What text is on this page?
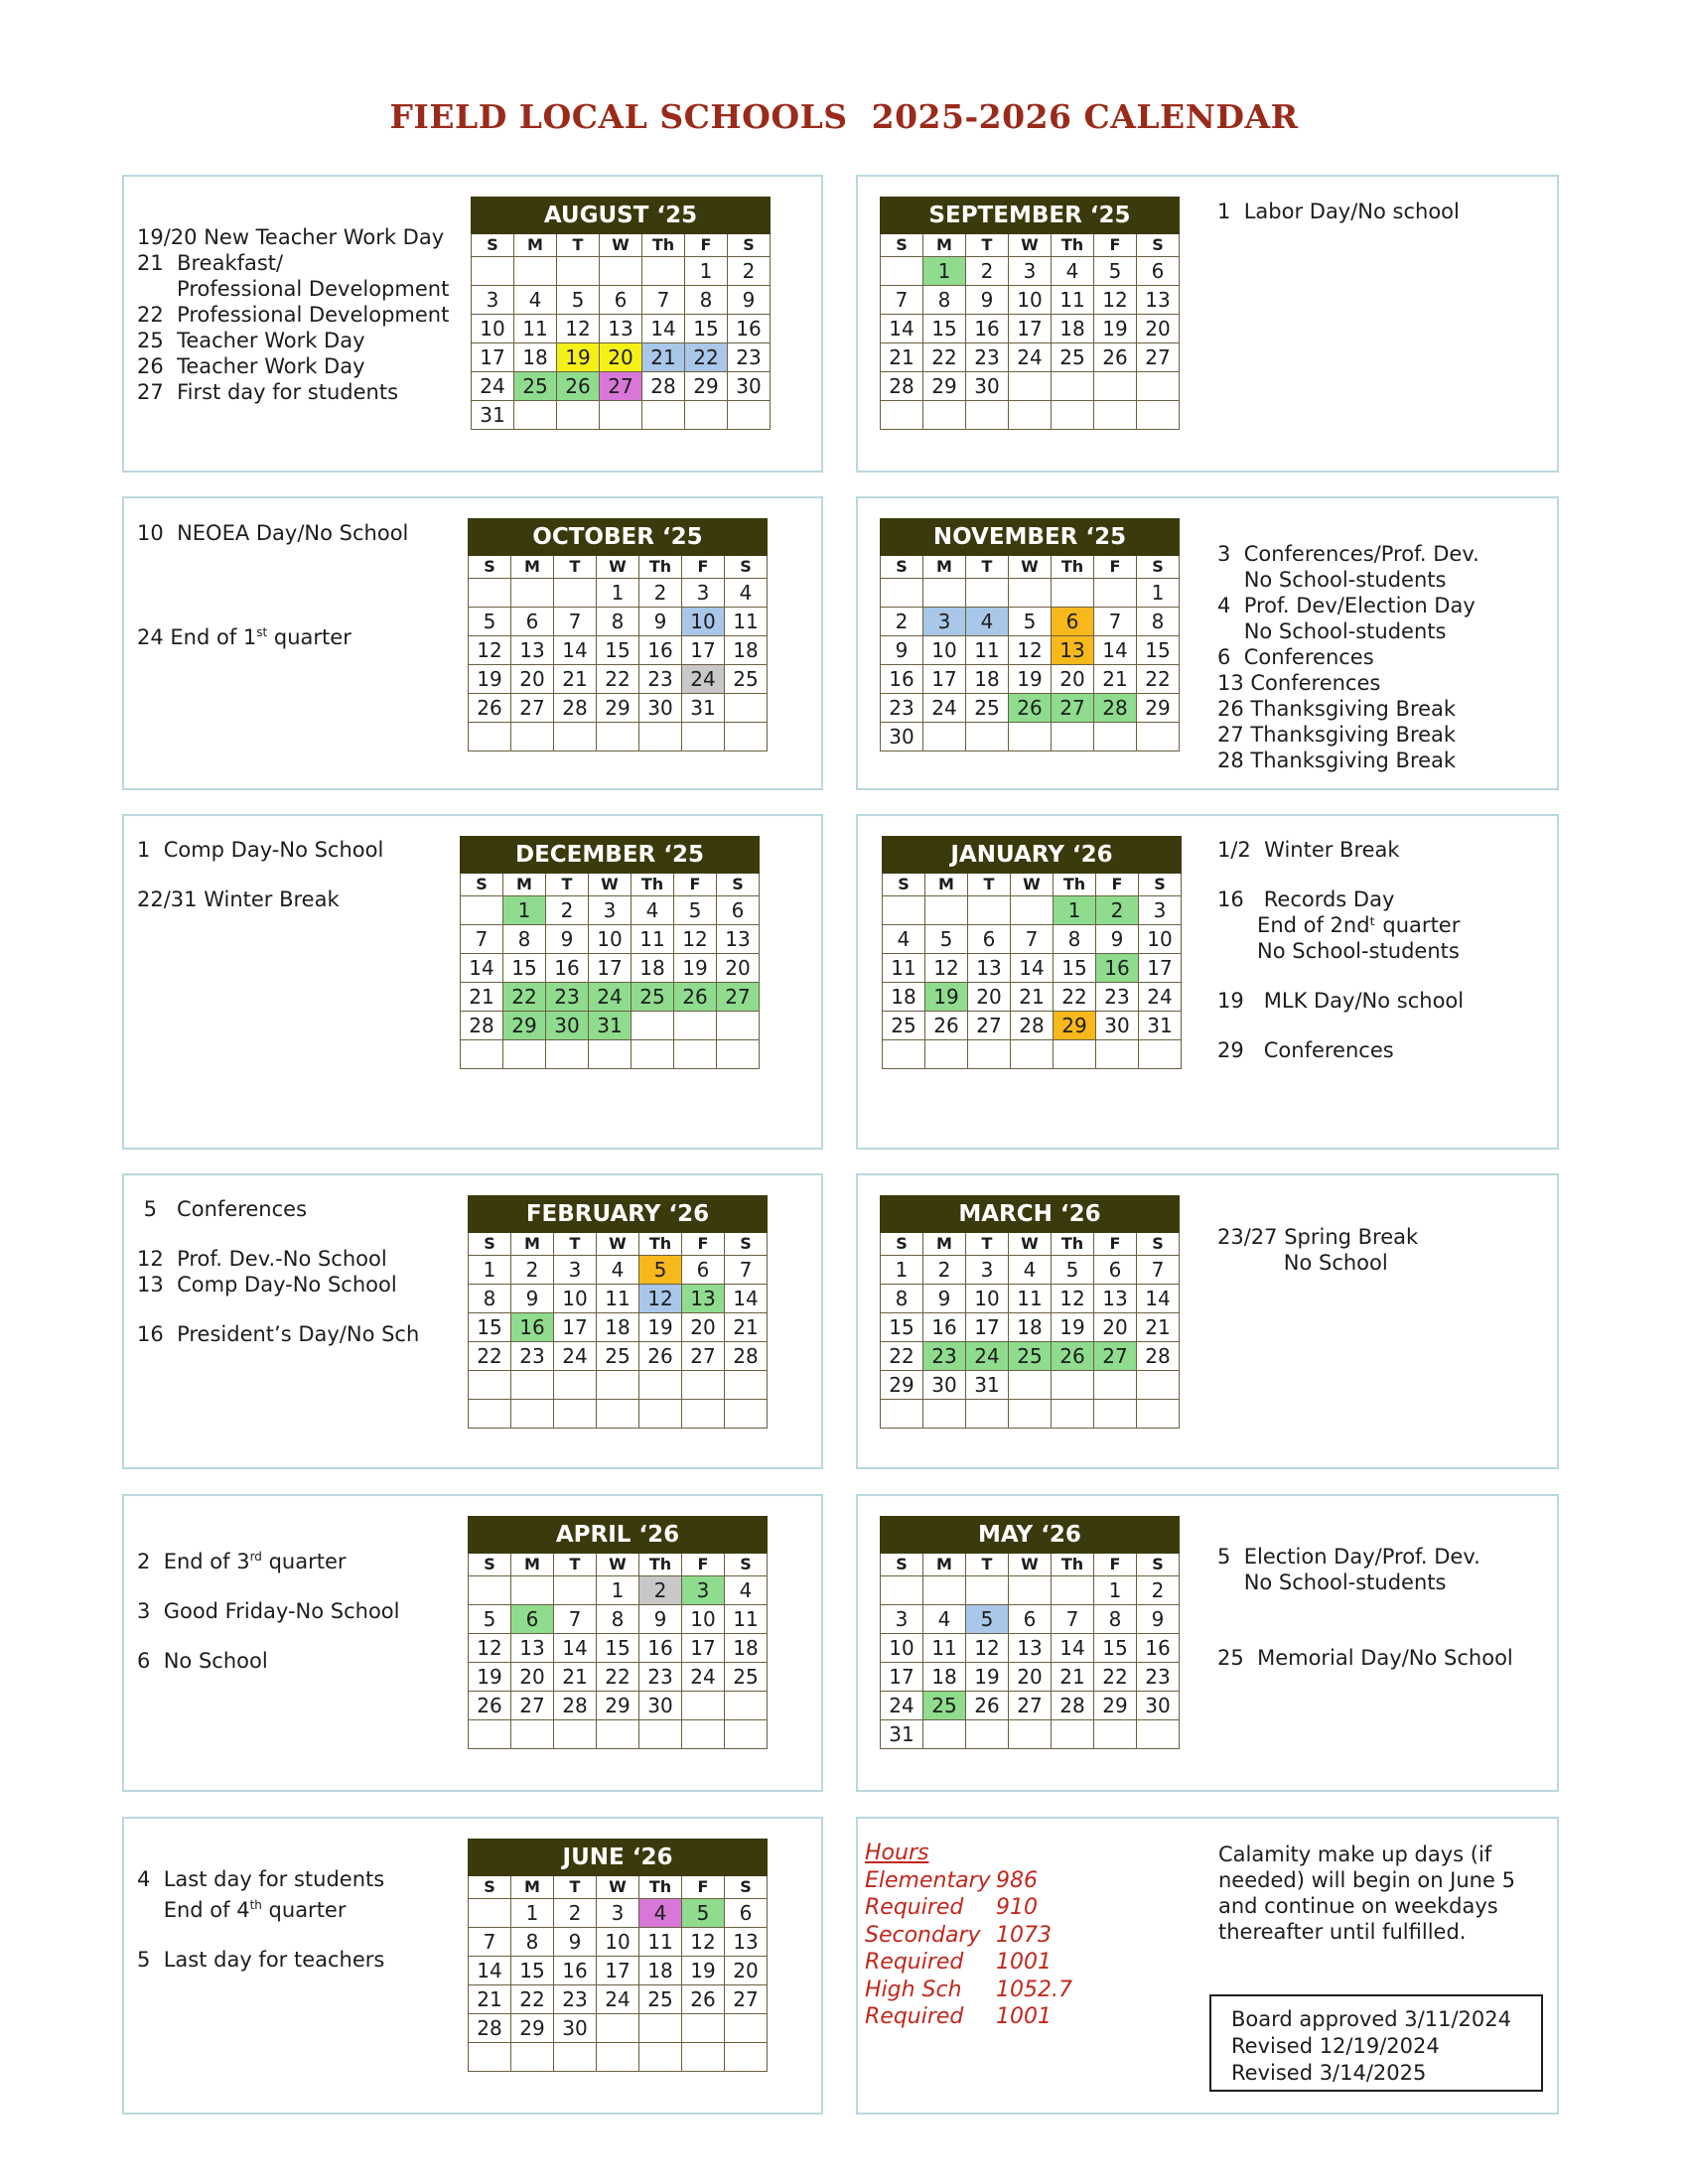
FIELD LOCAL SCHOOLS  2025-2026 CALENDAR
19/20 New Teacher Work Day
21  Breakfast/
Professional Development
22  Professional Development
25  Teacher Work Day
26  Teacher Work Day
27  First day for students
1  Labor Day/No school
10  NEOEA Day/No School
24 End of 1st quarter
3  Conferences/Prof. Dev.
No School-students
4  Prof. Dev/Election Day
No School-students
6  Conferences
13 Conferences
26 Thanksgiving Break
27 Thanksgiving Break
28 Thanksgiving Break
1  Comp Day-No School
22/31 Winter Break
1/2  Winter Break
16   Records Day
End of 2ndᵗ quarter
No School-students
19   MLK Day/No school
29   Conferences
5   Conferences
12  Prof. Dev.-No School
13  Comp Day-No School
16  President’s Day/No Sch
23/27 Spring Break
No School
2  End of 3rd quarter
3  Good Friday-No School
6  No School
5  Election Day/Prof. Dev.
No School-students
25  Memorial Day/No School
4  Last day for students
End of 4th quarter
5  Last day for teachers
AUGUST ‘25						
S	M	T	W	Th	F	S
					1	2
3	4	5	6	7	8	9
10	11	12	13	14	15	16
17	18	19	20	21	22	23
24	25	26	27	28	29	30
31						
SEPTEMBER ‘25						
S	M	T	W	Th	F	S
	1	2	3	4	5	6
7	8	9	10	11	12	13
14	15	16	17	18	19	20
21	22	23	24	25	26	27
28	29	30				

OCTOBER ‘25						
S	M	T	W	Th	F	S
			1	2	3	4
5	6	7	8	9	10	11
12	13	14	15	16	17	18
19	20	21	22	23	24	25
26	27	28	29	30	31	

NOVEMBER ‘25						
S	M	T	W	Th	F	S
						1
2	3	4	5	6	7	8
9	10	11	12	13	14	15
16	17	18	19	20	21	22
23	24	25	26	27	28	29
30						
DECEMBER ‘25						
S	M	T	W	Th	F	S
	1	2	3	4	5	6
7	8	9	10	11	12	13
14	15	16	17	18	19	20
21	22	23	24	25	26	27
28	29	30	31			

JANUARY ‘26						
S	M	T	W	Th	F	S
				1	2	3
4	5	6	7	8	9	10
11	12	13	14	15	16	17
18	19	20	21	22	23	24
25	26	27	28	29	30	31

FEBRUARY ‘26						
S	M	T	W	Th	F	S
1	2	3	4	5	6	7
8	9	10	11	12	13	14
15	16	17	18	19	20	21
22	23	24	25	26	27	28

MARCH ‘26						
S	M	T	W	Th	F	S
1	2	3	4	5	6	7
8	9	10	11	12	13	14
15	16	17	18	19	20	21
22	23	24	25	26	27	28
29	30	31				

APRIL ‘26						
S	M	T	W	Th	F	S
			1	2	3	4
5	6	7	8	9	10	11
12	13	14	15	16	17	18
19	20	21	22	23	24	25
26	27	28	29	30		

MAY ‘26						
S	M	T	W	Th	F	S
					1	2
3	4	5	6	7	8	9
10	11	12	13	14	15	16
17	18	19	20	21	22	23
24	25	26	27	28	29	30
31						
JUNE ‘26						
S	M	T	W	Th	F	S
	1	2	3	4	5	6
7	8	9	10	11	12	13
14	15	16	17	18	19	20
21	22	23	24	25	26	27
28	29	30				

Hours
Elementary 986
Required 910
Secondary 1073
Required 1001
High Sch 1052.7
Required 1001
Calamity make up days (if needed) will begin on June 5 and continue on weekdays thereafter until fulfilled.
Board approved 3/11/2024
Revised 12/19/2024
Revised 3/14/2025
